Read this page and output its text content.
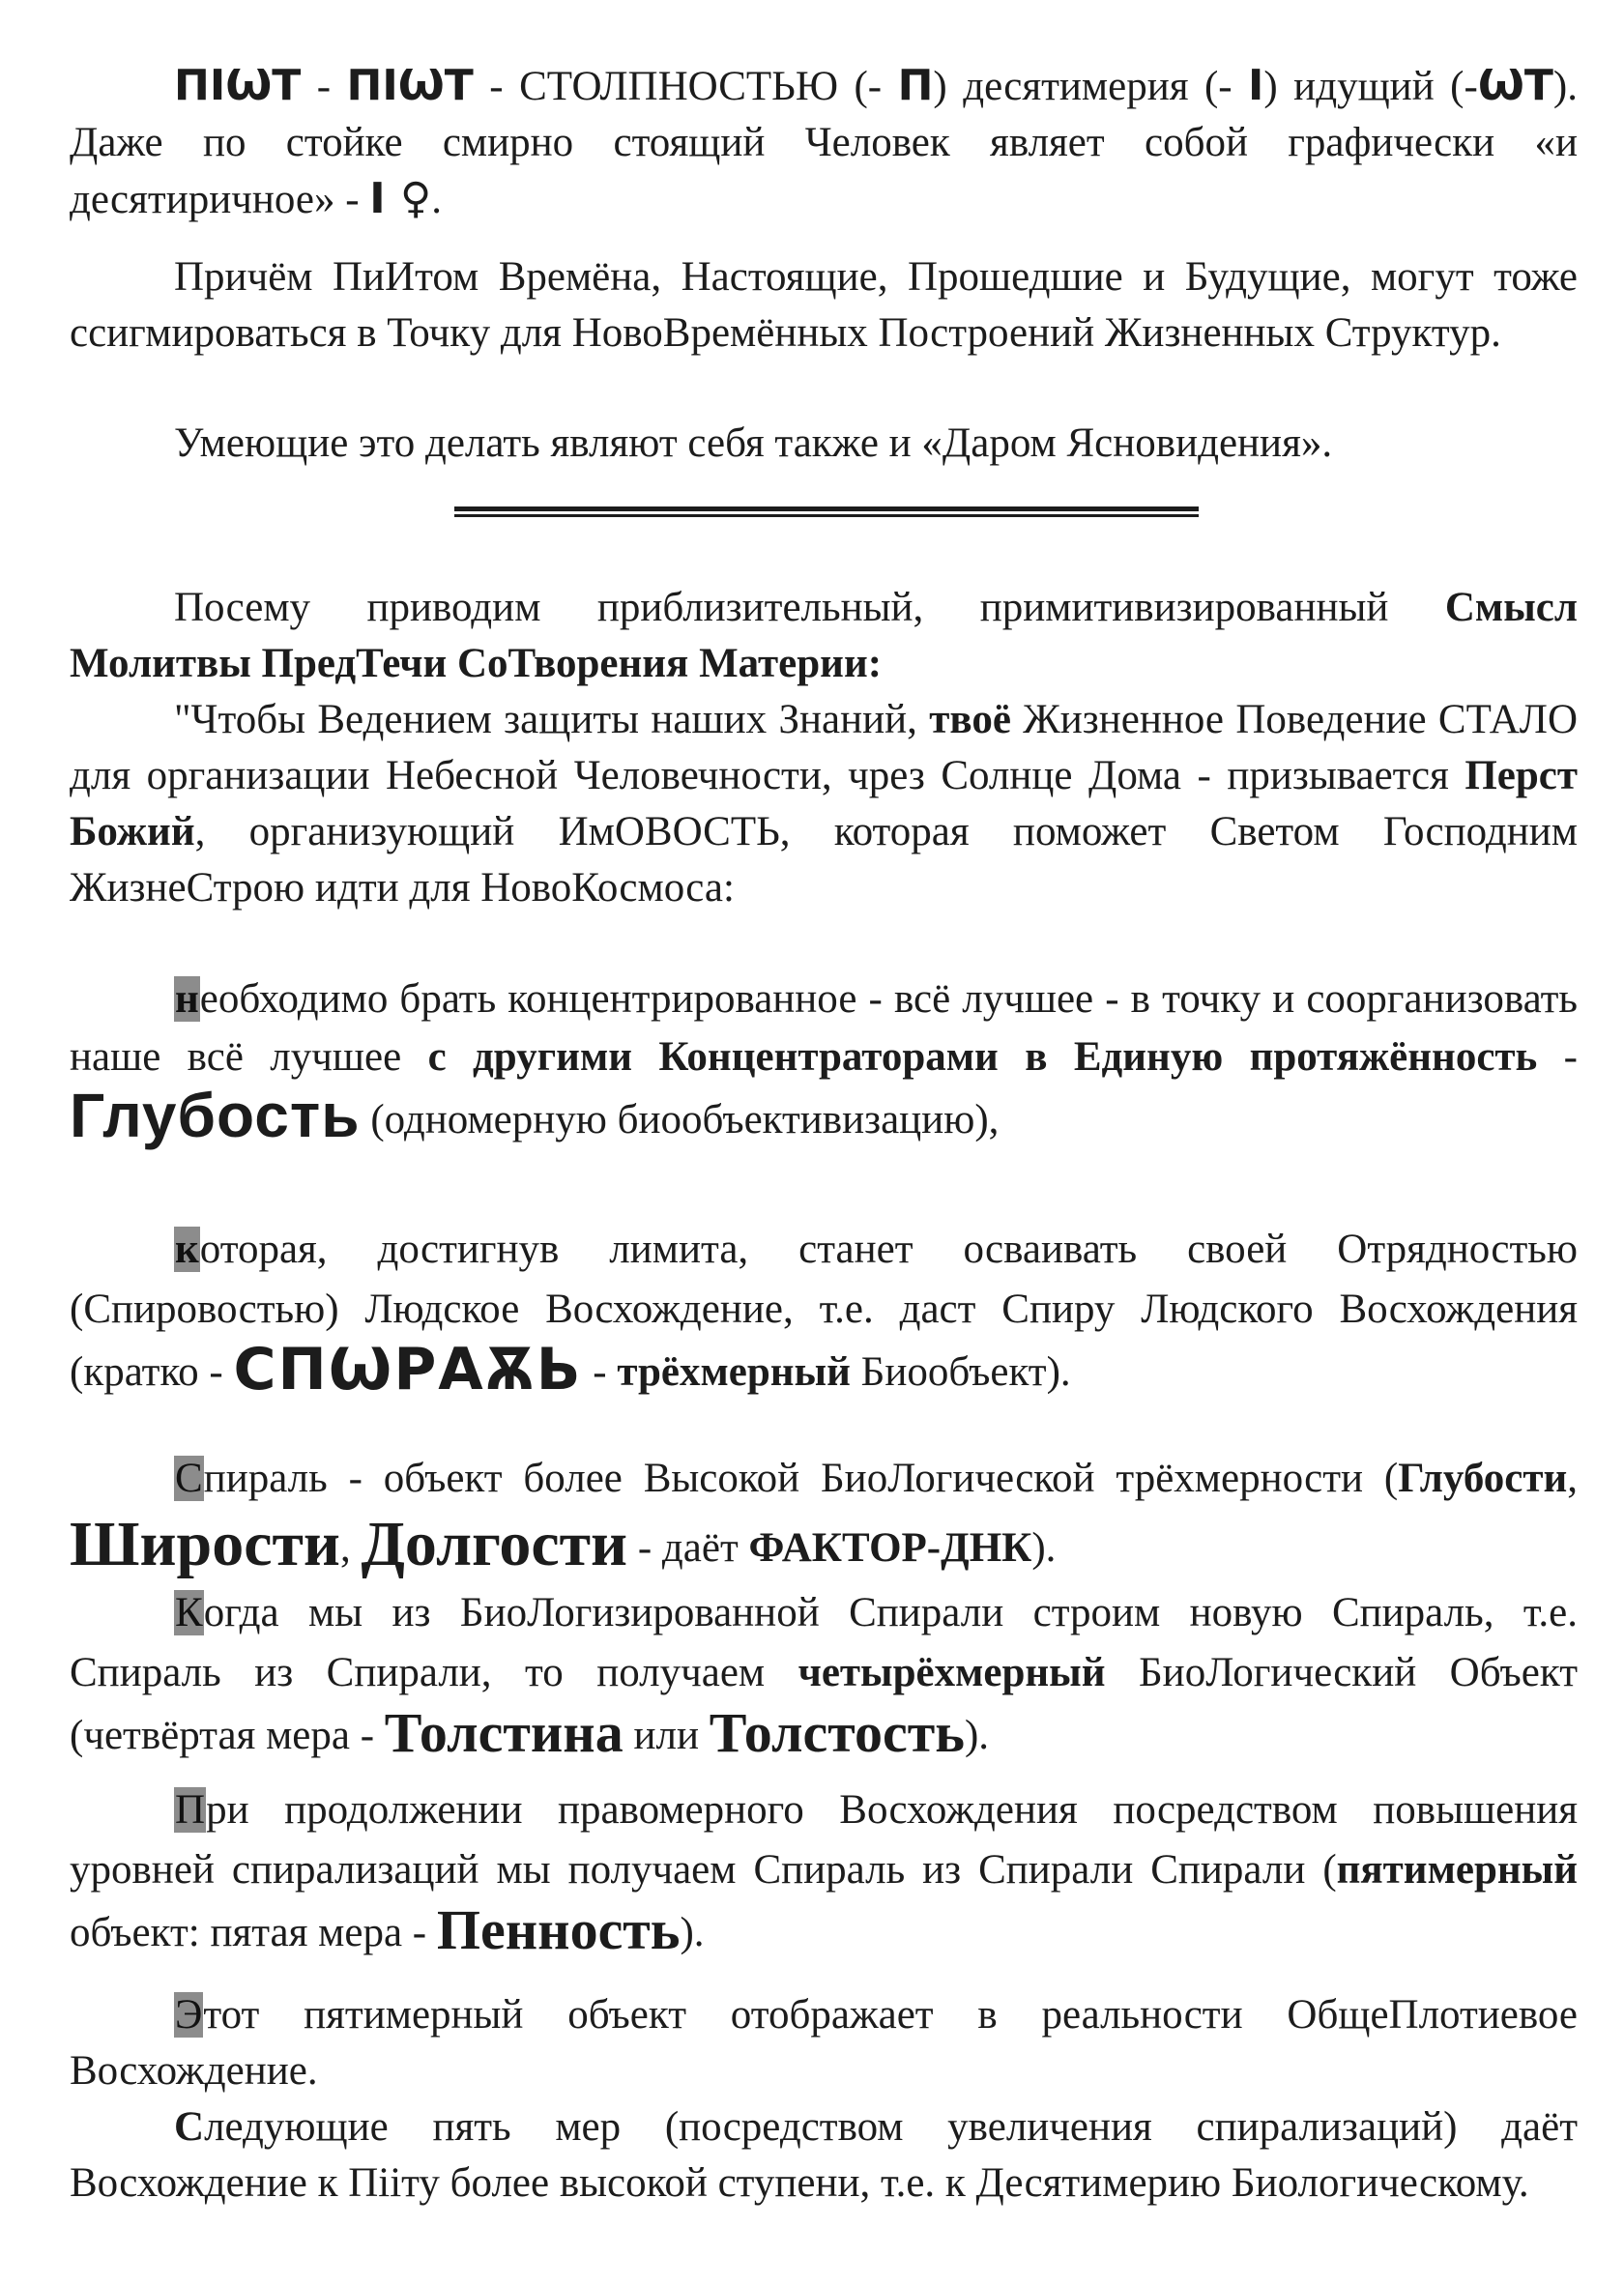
ПІѠТ - ПІѠТ - СТОЛПНОСТЬЮ (- П) десятимерия (- І) идущий (-ѠТ). Даже по стойке смирно стоящий Человек являет собой графически «и десятиричное» - І ♀.

Причём ПиИтом Времёна, Настоящие, Прошедшие и Будущие, могут тоже ссигмироваться в Точку для НовоВремённых Построений Жизненных Структур.

Умеющие это делать являют себя также и «Даром Ясновидения».

Посему приводим приблизительный, примитивизированный Смысл Молитвы ПредТечи СоТворения Материи:

"Чтобы Ведением защиты наших Знаний, твоё Жизненное Поведение СТАЛО для организации Небесной Человечности, чрез Солнце Дома - призывается Перст Божий, организующий ИмОВОСТЬ, которая поможет Светом Господним ЖизнеСтрою идти для НовоКосмоса:

необходимо брать концентрированное - всё лучшее - в точку и соорганизовать наше всё лучшее с другими Концентраторами в Единую протяжённость - Глубость (одномерную биообъективизацию),

которая, достигнув лимита, станет осваивать своей Отрядностью (Спировостью) Людское Восхождение, т.е. даст Спиру Людского Восхождения (кратко - СПѠРАѪЬ - трёхмерный Биообъект).

Спираль - объект более Высокой БиоЛогической трёхмерности (Глубости, Ширости, Долгости - даёт ФАКТОР-ДНК).

Когда мы из БиоЛогизированной Спирали строим новую Спираль, т.е. Спираль из Спирали, то получаем четырёхмерный БиоЛогический Объект (четвёртая мера - Толстина или Толстость).

При продолжении правомерного Восхождения посредством повышения уровней спирализаций мы получаем Спираль из Спирали Спирали (пятимерный объект: пятая мера - Пенность).

Этот пятимерный объект отображает в реальности ОбщеПлотиевое Восхождение.

Следующие пять мер (посредством увеличения спирализаций) даёт Восхождение к Пііту более высокой ступени, т.е. к Десятимерию Биологическому.
